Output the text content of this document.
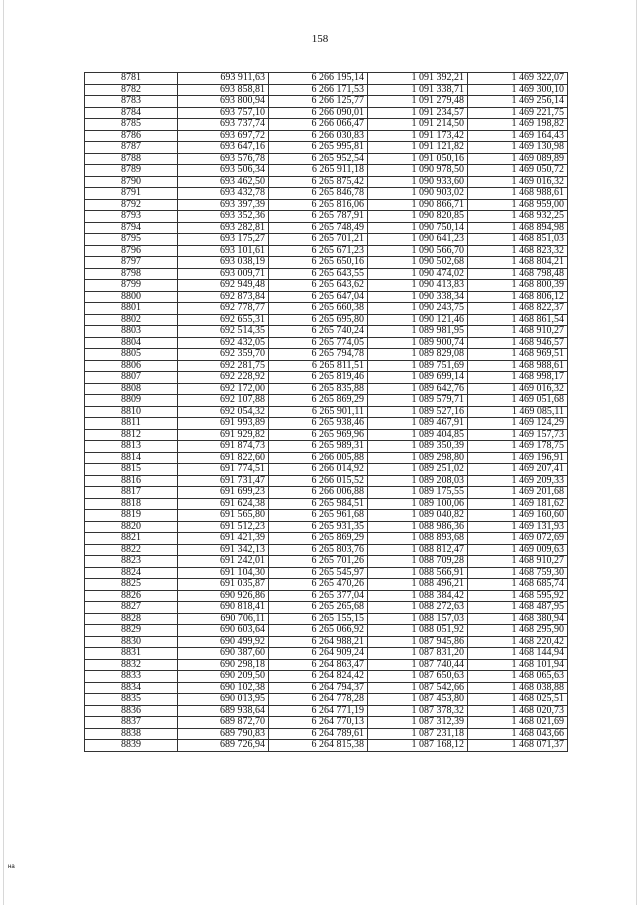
158
8781	693 911,63	6 266 195,14	1 091 392,21	1 469 322,07
8782	693 858,81	6 266 171,53	1 091 338,71	1 469 300,10
8783	693 800,94	6 266 125,77	1 091 279,48	1 469 256,14
8784	693 757,10	6 266 090,01	1 091 234,57	1 469 221,75
8785	693 737,74	6 266 066,47	1 091 214,50	1 469 198,82
8786	693 697,72	6 266 030,83	1 091 173,42	1 469 164,43
8787	693 647,16	6 265 995,81	1 091 121,82	1 469 130,98
8788	693 576,78	6 265 952,54	1 091 050,16	1 469 089,89
8789	693 506,34	6 265 911,18	1 090 978,50	1 469 050,72
8790	693 462,50	6 265 875,42	1 090 933,60	1 469 016,32
8791	693 432,78	6 265 846,78	1 090 903,02	1 468 988,61
8792	693 397,39	6 265 816,06	1 090 866,71	1 468 959,00
8793	693 352,36	6 265 787,91	1 090 820,85	1 468 932,25
8794	693 282,81	6 265 748,49	1 090 750,14	1 468 894,98
8795	693 175,27	6 265 701,21	1 090 641,23	1 468 851,03
8796	693 101,61	6 265 671,23	1 090 566,70	1 468 823,32
8797	693 038,19	6 265 650,16	1 090 502,68	1 468 804,21
8798	693 009,71	6 265 643,55	1 090 474,02	1 468 798,48
8799	692 949,48	6 265 643,62	1 090 413,83	1 468 800,39
8800	692 873,84	6 265 647,04	1 090 338,34	1 468 806,12
8801	692 778,77	6 265 660,38	1 090 243,75	1 468 822,37
8802	692 655,31	6 265 695,80	1 090 121,46	1 468 861,54
8803	692 514,35	6 265 740,24	1 089 981,95	1 468 910,27
8804	692 432,05	6 265 774,05	1 089 900,74	1 468 946,57
8805	692 359,70	6 265 794,78	1 089 829,08	1 468 969,51
8806	692 281,75	6 265 811,51	1 089 751,69	1 468 988,61
8807	692 228,92	6 265 819,46	1 089 699,14	1 468 998,17
8808	692 172,00	6 265 835,88	1 089 642,76	1 469 016,32
8809	692 107,88	6 265 869,29	1 089 579,71	1 469 051,68
8810	692 054,32	6 265 901,11	1 089 527,16	1 469 085,11
8811	691 993,89	6 265 938,46	1 089 467,91	1 469 124,29
8812	691 929,82	6 265 969,96	1 089 404,85	1 469 157,73
8813	691 874,73	6 265 989,31	1 089 350,39	1 469 178,75
8814	691 822,60	6 266 005,88	1 089 298,80	1 469 196,91
8815	691 774,51	6 266 014,92	1 089 251,02	1 469 207,41
8816	691 731,47	6 266 015,52	1 089 208,03	1 469 209,33
8817	691 699,23	6 266 006,88	1 089 175,55	1 469 201,68
8818	691 624,38	6 265 984,51	1 089 100,06	1 469 181,62
8819	691 565,80	6 265 961,68	1 089 040,82	1 469 160,60
8820	691 512,23	6 265 931,35	1 088 986,36	1 469 131,93
8821	691 421,39	6 265 869,29	1 088 893,68	1 469 072,69
8822	691 342,13	6 265 803,76	1 088 812,47	1 469 009,63
8823	691 242,01	6 265 701,26	1 088 709,28	1 468 910,27
8824	691 104,30	6 265 545,97	1 088 566,91	1 468 759,30
8825	691 035,87	6 265 470,26	1 088 496,21	1 468 685,74
8826	690 926,86	6 265 377,04	1 088 384,42	1 468 595,92
8827	690 818,41	6 265 265,68	1 088 272,63	1 468 487,95
8828	690 706,11	6 265 155,15	1 088 157,03	1 468 380,94
8829	690 603,64	6 265 066,92	1 088 051,92	1 468 295,90
8830	690 499,92	6 264 988,21	1 087 945,86	1 468 220,42
8831	690 387,60	6 264 909,24	1 087 831,20	1 468 144,94
8832	690 298,18	6 264 863,47	1 087 740,44	1 468 101,94
8833	690 209,50	6 264 824,42	1 087 650,63	1 468 065,63
8834	690 102,38	6 264 794,37	1 087 542,66	1 468 038,88
8835	690 013,95	6 264 778,28	1 087 453,80	1 468 025,51
8836	689 938,64	6 264 771,19	1 087 378,32	1 468 020,73
8837	689 872,70	6 264 770,13	1 087 312,39	1 468 021,69
8838	689 790,83	6 264 789,61	1 087 231,18	1 468 043,66
8839	689 726,94	6 264 815,38	1 087 168,12	1 468 071,37
на
